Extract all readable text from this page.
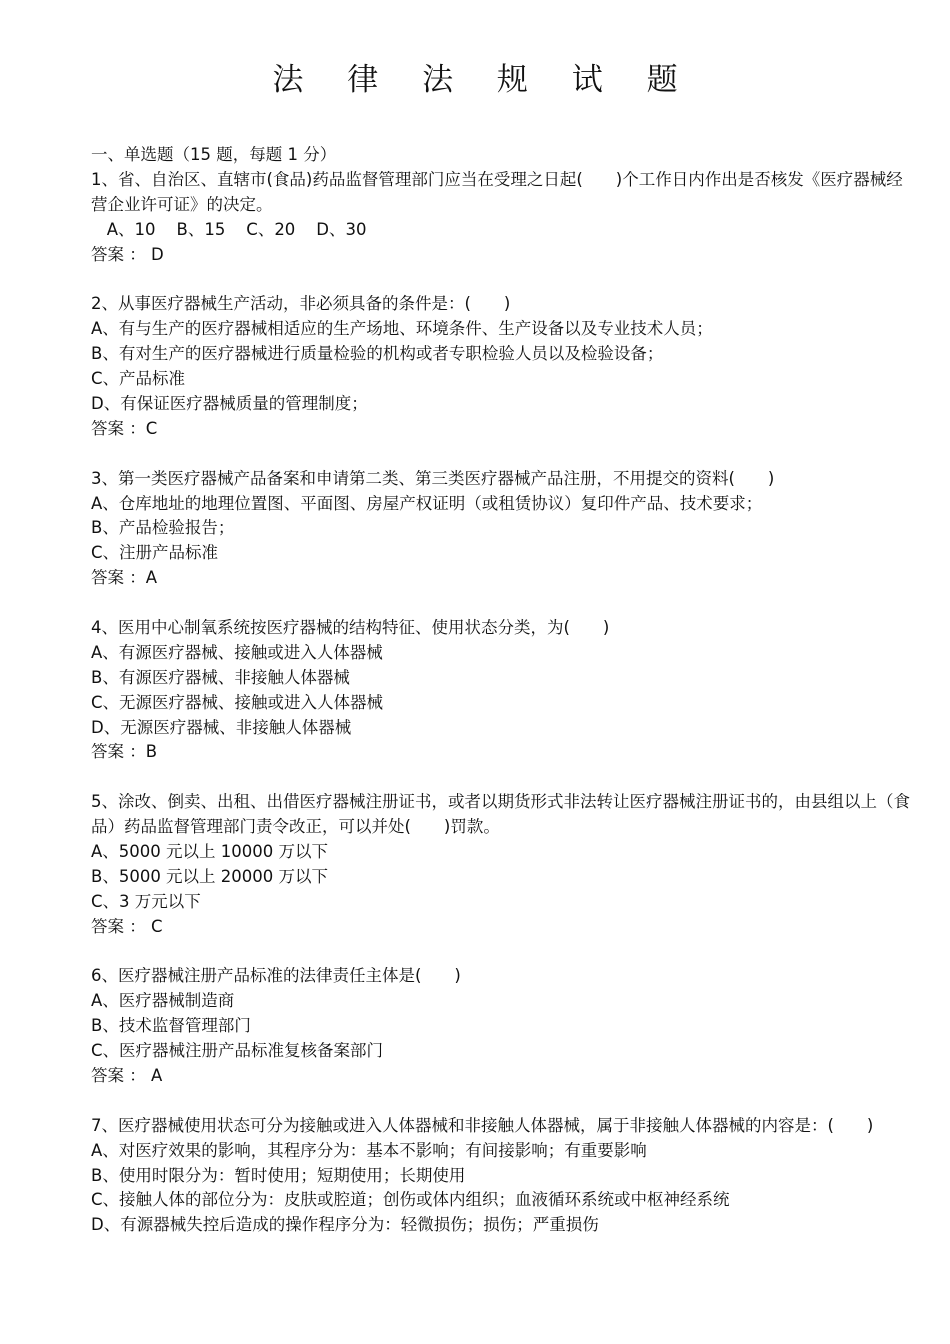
法 律 法 规 试 题
一、单选题（15 题，每题 1 分）
1、省、自治区、直辖市(食品)药品监督管理部门应当在受理之日起(　　)个工作日内作出是否核发《医疗器械经营企业许可证》的决定。
A、10    B、15    C、20    D、30
答案 ： D
2、从事医疗器械生产活动，非必须具备的条件是：(　　)
A、有与生产的医疗器械相适应的生产场地、环境条件、生产设备以及专业技术人员；
B、有对生产的医疗器械进行质量检验的机构或者专职检验人员以及检验设备；
C、产品标准
D、有保证医疗器械质量的管理制度；
答案 ：C
3、第一类医疗器械产品备案和申请第二类、第三类医疗器械产品注册，不用提交的资料(　　)
A、仓库地址的地理位置图、平面图、房屋产权证明（或租赁协议）复印件产品、技术要求；
B、产品检验报告；
C、注册产品标准
答案 ：A
4、医用中心制氧系统按医疗器械的结构特征、使用状态分类，为(　　)
A、有源医疗器械、接触或进入人体器械
B、有源医疗器械、非接触人体器械
C、无源医疗器械、接触或进入人体器械
D、无源医疗器械、非接触人体器械
答案 ：B
5、涂改、倒卖、出租、出借医疗器械注册证书，或者以期货形式非法转让医疗器械注册证书的，由县组以上（食品）药品监督管理部门责令改正，可以并处(　　)罚款。
A、5000 元以上 10000 万以下
B、5000 元以上 20000 万以下
C、3 万元以下
答案 ： C
6、医疗器械注册产品标准的法律责任主体是(　　)
A、医疗器械制造商
B、技术监督管理部门
C、医疗器械注册产品标准复核备案部门
答案 ： A
7、医疗器械使用状态可分为接触或进入人体器械和非接触人体器械，属于非接触人体器械的内容是：(　　)
A、对医疗效果的影响，其程序分为：基本不影响；有间接影响；有重要影响
B、使用时限分为：暂时使用；短期使用；长期使用
C、接触人体的部位分为：皮肤或腔道；创伤或体内组织；血液循环系统或中枢神经系统
D、有源器械失控后造成的操作程序分为：轻微损伤；损伤；严重损伤
